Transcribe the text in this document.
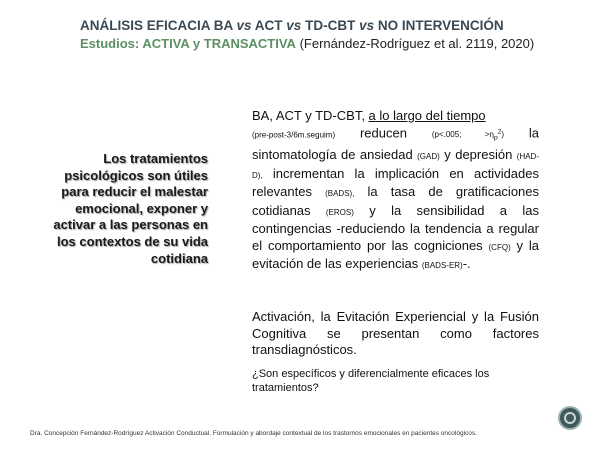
ANÁLISIS EFICACIA BA vs ACT vs TD-CBT vs NO INTERVENCIÓN
Estudios: ACTIVA y TRANSACTIVA (Fernández-Rodríguez et al. 2119, 2020)
Los tratamientos psicológicos son útiles para reducir el malestar emocional, exponer y activar a las personas en los contextos de su vida cotidiana
BA, ACT y TD-CBT, a lo largo del tiempo
(pre-post-3/6m.seguim) reducen (p<.005; $>\eta_p^2$) la sintomatología de ansiedad (GAD) y depresión (HAD-D), incrementan la implicación en actividades relevantes (BADS), la tasa de gratificaciones cotidianas (EROS) y la sensibilidad a las contingencias -reduciendo la tendencia a regular el comportamiento por las cogniciones (CFQ) y la evitación de las experiencias (BADS-ER)-.
Activación, la Evitación Experiencial y la Fusión Cognitiva se presentan como factores transdiagnósticos.
¿Son específicos y diferencialmente eficaces los tratamientos?
Dra. Concepción Fernández-Rodríguez Activación Conductual. Formulación y abordaje contextual de los trastornos emocionales en pacientes oncológicos.
